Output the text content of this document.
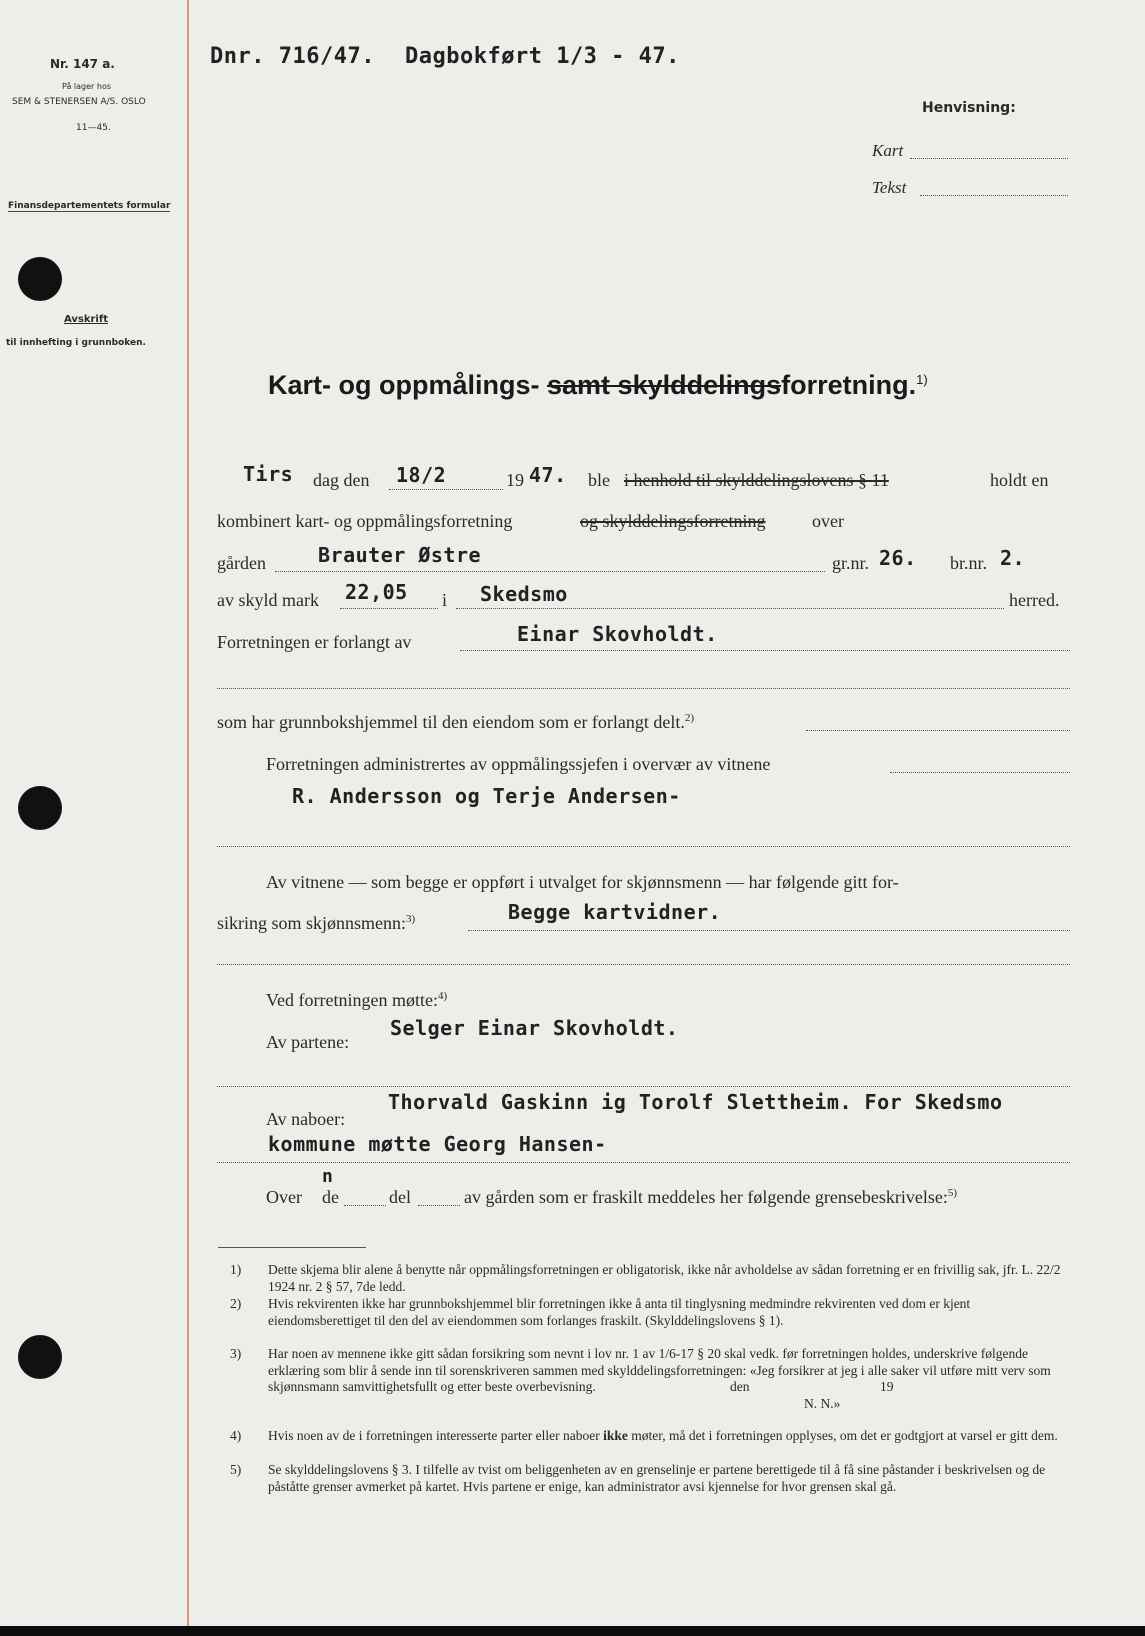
Nr. 147 a.
På lager hos
SEM & STENERSEN A/S. OSLO
11—45.
Finansdepartementets formular
Avskrift
til innhefting i grunnboken.
Dnr. 716/47. Dagbokført 1/3 - 47.
Henvisning:
Kart
Tekst
Kart- og oppmålings- samt skylddelingsforretning.$^{1)}$
Tirs dag den 18/2	19 47. ble i henhold til skylddelingslovens § 11	holdt en
kombinert kart- og oppmålingsforretning	og skylddelingsforretning	over
gården	Brauter Østre	gr.nr. 26. br.nr. 2.
av skyld mark 22,05 i Skedsmo	herred.
Forretningen er forlangt av	Einar Skovholdt.
som har grunnbokshjemmel til den eiendom som er forlangt delt.$^{2)}$
Forretningen administrertes av oppmålingssjefen i overvær av vitnene
R. Andersson og Terje Andersen-
Av vitnene — som begge er oppført i utvalget for skjønnsmenn — har følgende gitt for-
sikring som skjønnsmenn:$^{3)}$	Begge kartvidner.
Ved forretningen møtte:$^{4)}$
Av partene:
Selger Einar Skovholdt.
Thorvald Gaskinn ig Torolf Slettheim. For Skedsmo
Av naboer:
kommune møtte Georg Hansen-
Over de
n
del	av gården som er fraskilt meddeles her følgende grensebeskrivelse:$^{5)}$
1) Dette skjema blir alene å benytte når oppmålingsforretningen er obligatorisk, ikke når avholdelse av sådan forretning er en frivillig sak, jfr. L. 22/2 1924 nr. 2 § 57, 7de ledd.

2) Hvis rekvirenten ikke har grunnbokshjemmel blir forretningen ikke å anta til tinglysning medmindre rekvirenten ved dom er kjent eiendomsberettiget til den del av eiendommen som forlanges fraskilt. (Skylddelingslovens § 1).

3) Har noen av mennene ikke gitt sådan forsikring som nevnt i lov nr. 1 av 1/6-17 § 20 skal vedk. før forretningen holdes, underskrive følgende erklæring som blir å sende inn til sorenskriveren sammen med skylddelingsforretningen: «Jeg forsikrer at jeg i alle saker vil utføre mitt verv som skjønnsmann samvittighetsfullt og etter beste overbevisning.	den	19
N. N.»

4) Hvis noen av de i forretningen interesserte parter eller naboer ikke møter, må det i forretningen opplyses, om det er godtgjort at varsel er gitt dem.

5) Se skylddelingslovens § 3. I tilfelle av tvist om beliggenheten av en grenselinje er partene berettigede til å få sine påstander i beskrivelsen og de påståtte grenser avmerket på kartet. Hvis partene er enige, kan administrator avsi kjennelse for hvor grensen skal gå.
